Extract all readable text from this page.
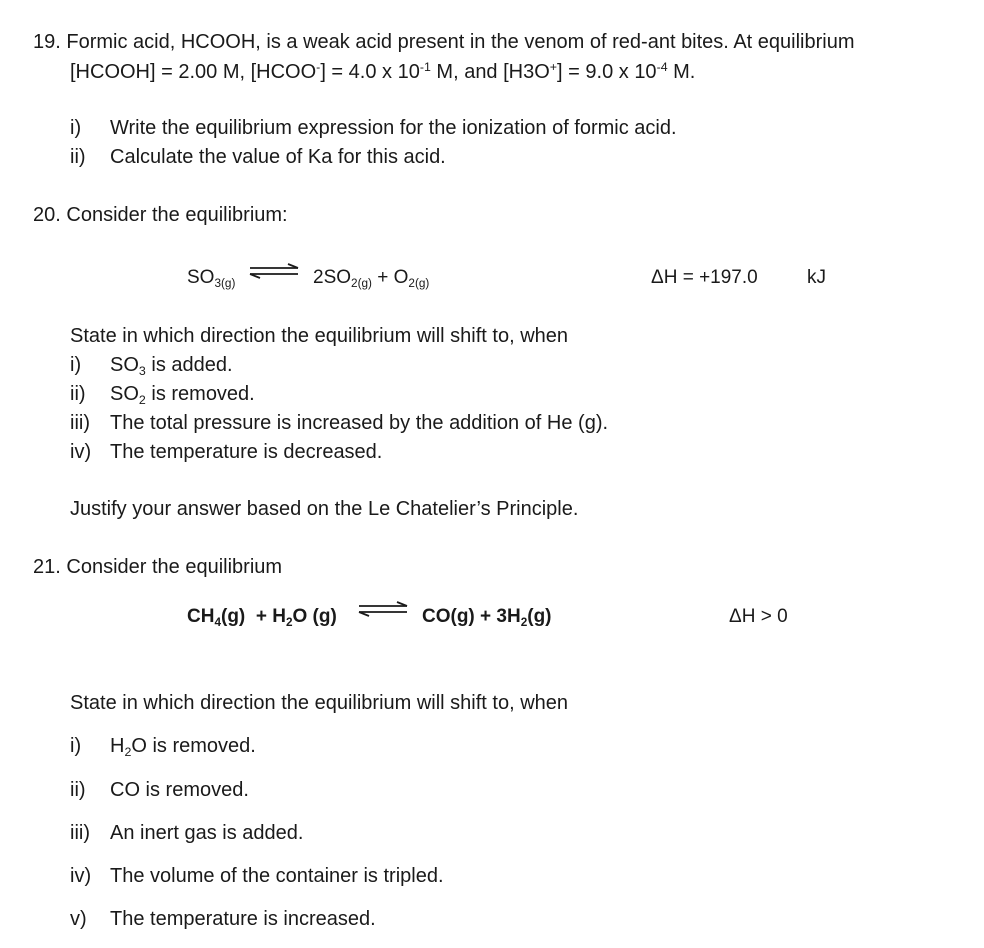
19. Formic acid, HCOOH, is a weak acid present in the venom of red-ant bites. At equilibrium
[HCOOH] = 2.00 M, [HCOO-] = 4.0 x $10^{-1}$ M, and [H3O+] = 9.0 x $10^{-4}$ M.
i) Write the equilibrium expression for the ionization of formic acid.
ii) Calculate the value of Ka for this acid.
20. Consider the equilibrium:
$SO_{3(g)}$ ⇌ $2SO_{2(g)} + O_{2(g)}$	ΔH = +197.0	kJ
State in which direction the equilibrium will shift to, when
i) $SO_3$ is added.
ii) $SO_2$ is removed.
iii) The total pressure is increased by the addition of He (g).
iv) The temperature is decreased.
Justify your answer based on the Le Chatelier’s Principle.
21. Consider the equilibrium
$CH_4(g) + H_2O$ (g) ⇌ $CO(g) + 3H_2(g)$	ΔH > 0
State in which direction the equilibrium will shift to, when
i) $H_2O$ is removed.
ii) CO is removed.
iii) An inert gas is added.
iv) The volume of the container is tripled.
v) The temperature is increased.
